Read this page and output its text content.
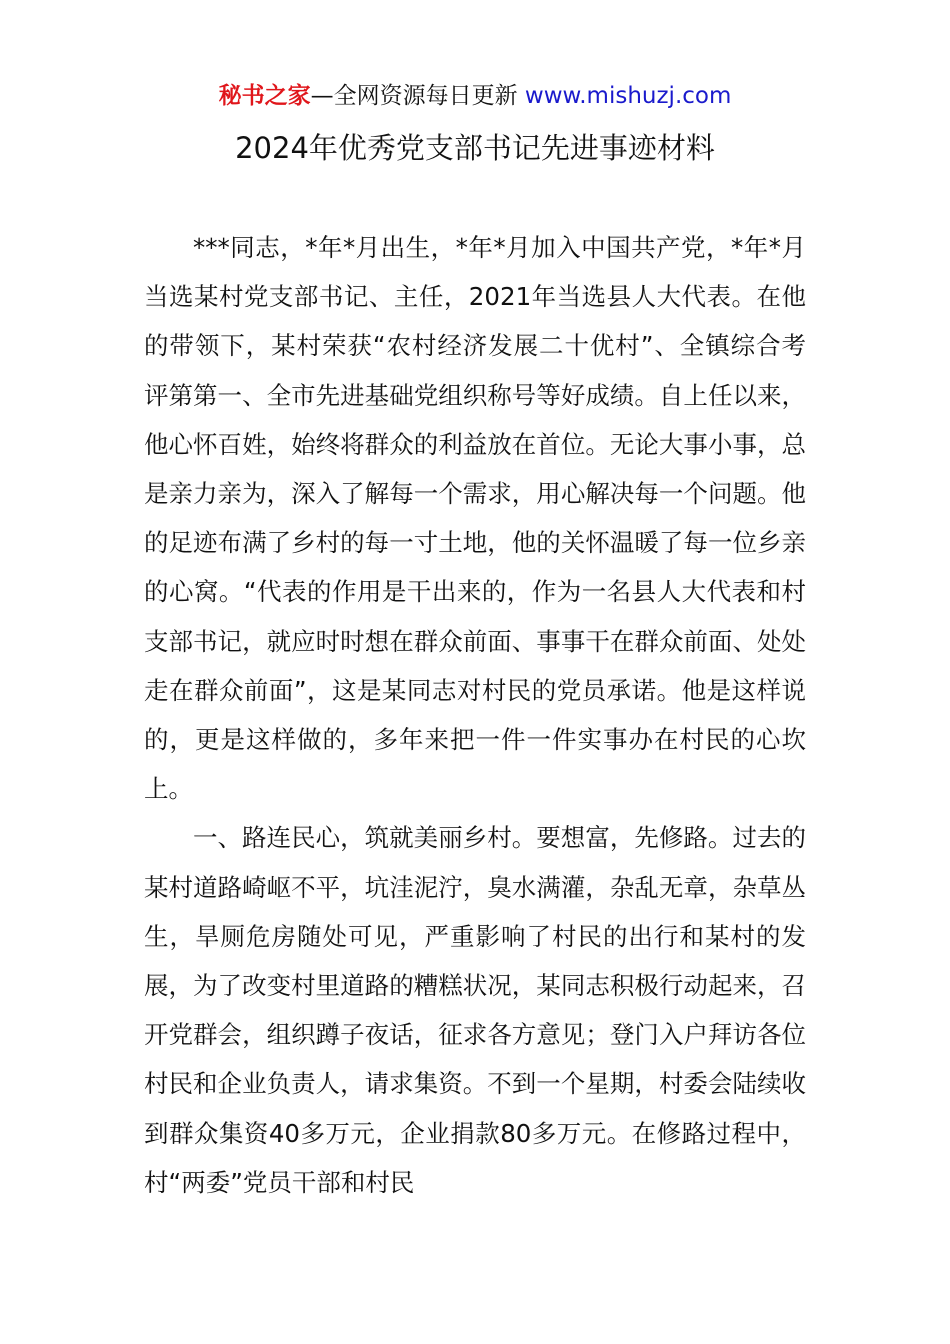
秘书之家—全网资源每日更新 www.mishuzj.com
2024年优秀党支部书记先进事迹材料

***同志，*年*月出生，*年*月加入中国共产党，*年*月当选某村党支部书记、主任，2021年当选县人大代表。在他的带领下，某村荣获“农村经济发展二十优村”、全镇综合考评第第一、全市先进基础党组织称号等好成绩。自上任以来，他心怀百姓，始终将群众的利益放在首位。无论大事小事，总是亲力亲为，深入了解每一个需求，用心解决每一个问题。他的足迹布满了乡村的每一寸土地，他的关怀温暖了每一位乡亲的心窝。“代表的作用是干出来的，作为一名县人大代表和村支部书记，就应时时想在群众前面、事事干在群众前面、处处走在群众前面”，这是某同志对村民的党员承诺。他是这样说的，更是这样做的，多年来把一件一件实事办在村民的心坎上。

一、路连民心，筑就美丽乡村。要想富，先修路。过去的某村道路崎岖不平，坑洼泥泞，臭水满灌，杂乱无章，杂草丛生，旱厕危房随处可见，严重影响了村民的出行和某村的发展，为了改变村里道路的糟糕状况，某同志积极行动起来，召开党群会，组织蹲子夜话，征求各方意见；登门入户拜访各位村民和企业负责人，请求集资。不到一个星期，村委会陆续收到群众集资40多万元，企业捐款80多万元。在修路过程中，村“两委”党员干部和村民
